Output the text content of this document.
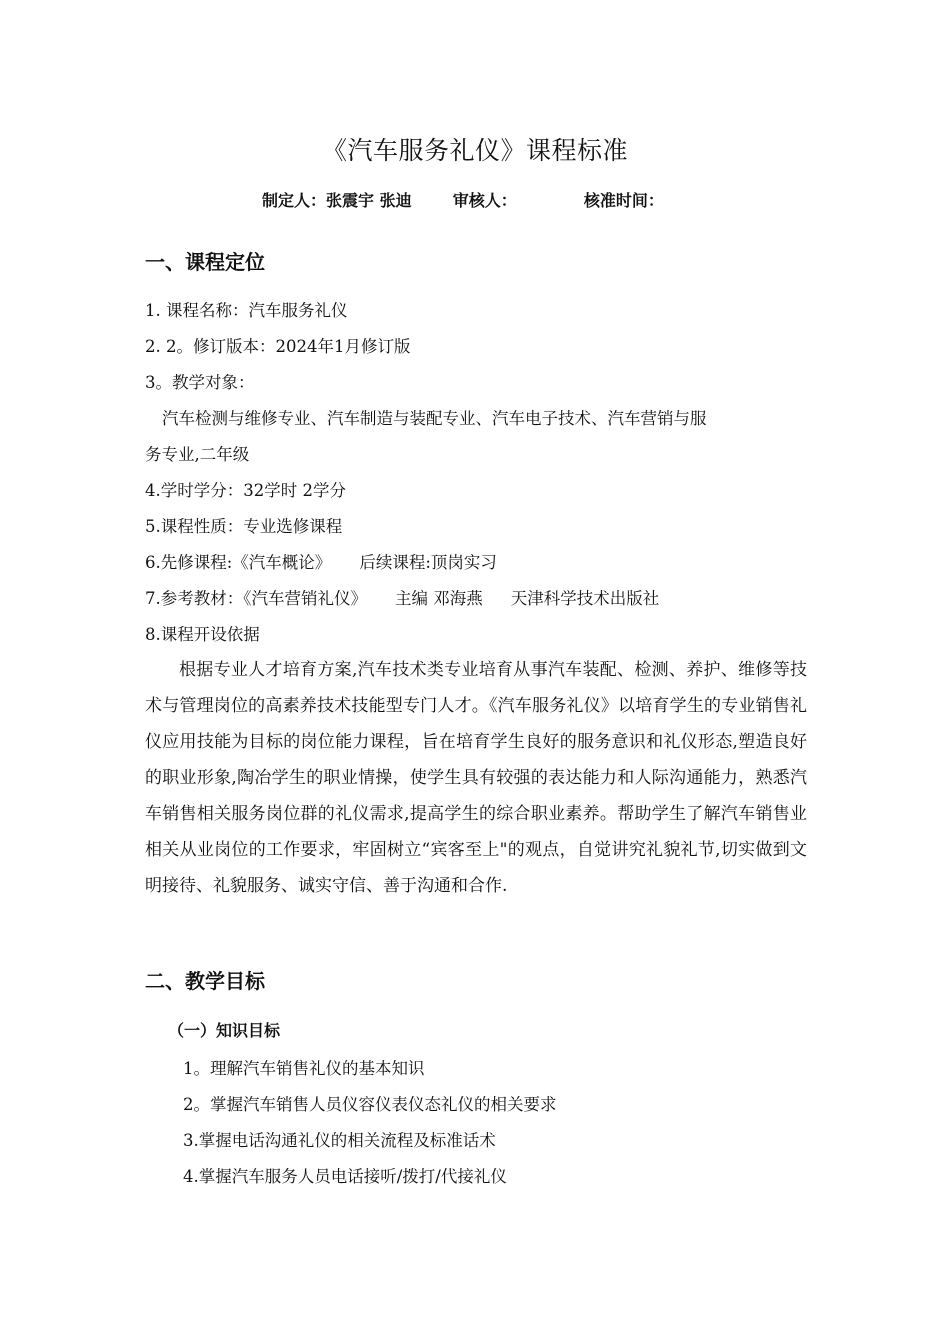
《汽车服务礼仪》课程标准
制定人：张震宇 张迪	审核人：	核准时间：
一、课程定位
1. 课程名称：汽车服务礼仪
2. 2。修订版本：2024年1月修订版
3。教学对象：
汽车检测与维修专业、汽车制造与装配专业、汽车电子技术、汽车营销与服
务专业,二年级
4.学时学分：32学时 2学分
5.课程性质：专业选修课程
6.先修课程:《汽车概论》 后续课程:顶岗实习
7.参考教材：《汽车营销礼仪》 主编 邓海燕 天津科学技术出版社
8.课程开设依据
根据专业人才培育方案,汽车技术类专业培育从事汽车装配、检测、养护、维修等技术与管理岗位的高素养技术技能型专门人才。《汽车服务礼仪》以培育学生的专业销售礼仪应用技能为目标的岗位能力课程，旨在培育学生良好的服务意识和礼仪形态,塑造良好的职业形象,陶冶学生的职业情操，使学生具有较强的表达能力和人际沟通能力，熟悉汽车销售相关服务岗位群的礼仪需求,提高学生的综合职业素养。帮助学生了解汽车销售业相关从业岗位的工作要求，牢固树立“宾客至上"的观点，自觉讲究礼貌礼节,切实做到文明接待、礼貌服务、诚实守信、善于沟通和合作.
二、教学目标
（一）知识目标
1。理解汽车销售礼仪的基本知识
2。掌握汽车销售人员仪容仪表仪态礼仪的相关要求
3.掌握电话沟通礼仪的相关流程及标准话术
4.掌握汽车服务人员电话接听/拨打/代接礼仪
